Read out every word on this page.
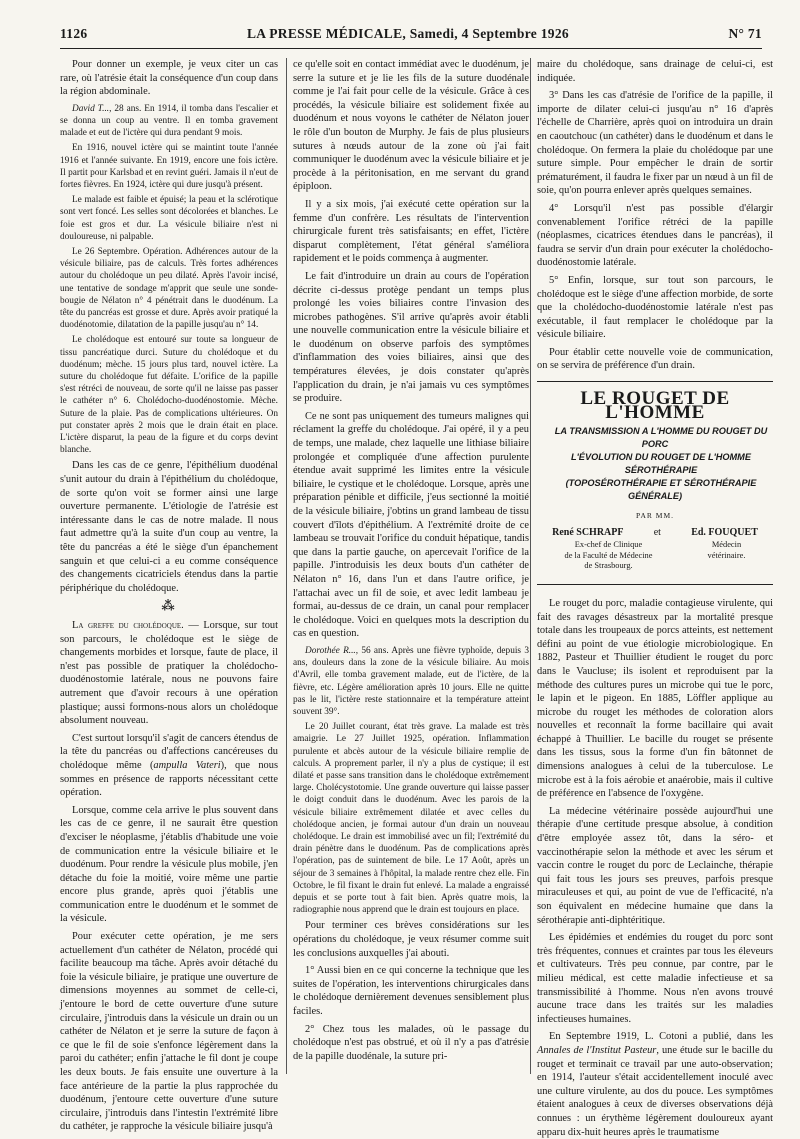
1126	LA PRESSE MÉDICALE, Samedi, 4 Septembre 1926	N° 71

Pour donner un exemple, je veux citer un cas rare, où l'atrésie était la conséquence d'un coup dans la région abdominale.

David T..., 28 ans. En 1914, il tomba dans l'escalier et se donna un coup au ventre. Il en tomba gravement malade et eut de l'ictère qui dura pendant 9 mois.

En 1916, nouvel ictère qui se maintint toute l'année 1916 et l'année suivante. En 1919, encore une fois ictère. Il partit pour Karlsbad et en revint guéri. Jamais il n'eut de fortes fièvres. En 1924, ictère qui dure jusqu'à présent.

Le malade est faible et épuisé; la peau et la sclérotique sont vert foncé. Les selles sont décolorées et blanches. Le foie est gros et dur. La vésicule biliaire n'est ni douloureuse, ni palpable.

Le 26 Septembre. Opération. Adhérences autour de la vésicule biliaire, pas de calculs. Très fortes adhérences autour du cholédoque un peu dilaté. Après l'avoir incisé, une tentative de sondage m'apprit que seule une sonde-bougie de Nélaton n° 4 pénétrait dans le duodénum. La tête du pancréas est grosse et dure. Après avoir pratiqué la duodénotomie, dilatation de la papille jusqu'au n° 14.

Le cholédoque est entouré sur toute sa longueur de tissu pancréatique durci. Suture du cholédoque et du duodénum; mèche. 15 jours plus tard, nouvel ictère. La suture du cholédoque fut défaite. L'orifice de la papille s'est rétréci de nouveau, de sorte qu'il ne laisse pas passer le cathéter n° 6. Cholédocho-duodénostomie. Mèche. Suture de la plaie. Pas de complications ultérieures. On put constater après 2 mois que le drain était en place. L'ictère disparut, la peau de la figure et du corps devint blanche.

Dans les cas de ce genre, l'épithélium duodénal s'unit autour du drain à l'épithélium du cholédoque, de sorte qu'on voit se former ainsi une large ouverture permanente. L'étiologie de l'atrésie est intéressante dans le cas de notre malade. Il nous faut admettre qu'à la suite d'un coup au ventre, la tête du pancréas a été le siège d'un épanchement sanguin et que celui-ci a eu comme conséquence des changements cicatriciels étendus dans la partie périphérique du cholédoque.

⁂

La greffe du cholédoque. — Lorsque, sur tout son parcours, le cholédoque est le siège de changements morbides et lorsque, faute de place, il n'est pas possible de pratiquer la cholédocho-duodénostomie latérale, nous ne pouvons faire autrement que d'avoir recours à une opération plastique; aussi formons-nous alors un cholédoque absolument nouveau.

C'est surtout lorsqu'il s'agit de cancers étendus de la tête du pancréas ou d'affections cancéreuses du cholédoque même (ampulla Vateri), que nous sommes en présence de rapports nécessitant cette opération.

Lorsque, comme cela arrive le plus souvent dans les cas de ce genre, il ne saurait être question d'exciser le néoplasme, j'établis d'habitude une voie de communication entre la vésicule biliaire et le duodénum. Pour rendre la vésicule plus mobile, j'en détache du foie la moitié, voire même une partie encore plus grande, après quoi j'établis une communication entre le duodénum et le sommet de la vésicule.

Pour exécuter cette opération, je me sers actuellement d'un cathéter de Nélaton, procédé qui facilite beaucoup ma tâche. Après avoir détaché du foie la vésicule biliaire, je pratique une ouverture de dimensions moyennes au sommet de celle-ci, j'entoure le bord de cette ouverture d'une suture circulaire, j'introduis dans la vésicule un drain ou un cathéter de Nélaton et je serre la suture de façon à ce que le fil de soie s'enfonce légèrement dans la paroi du cathéter; enfin j'attache le fil dont je coupe les deux bouts. Je fais ensuite une ouverture à la face antérieure de la partie la plus rapprochée du duodénum, j'entoure cette ouverture d'une suture circulaire, j'introduis dans l'intestin l'extrémité libre du cathéter, je rapproche la vésicule biliaire jusqu'à

ce qu'elle soit en contact immédiat avec le duodénum, je serre la suture et je lie les fils de la suture duodénale comme je l'ai fait pour celle de la vésicule. Grâce à ces procédés, la vésicule biliaire est solidement fixée au duodénum et nous voyons le cathéter de Nélaton jouer le rôle d'un bouton de Murphy. Je fais de plus plusieurs sutures à nœuds autour de la zone où j'ai fait communiquer le duodénum avec la vésicule biliaire et je procède à la péritonisation, en me servant du grand épiploon.

Il y a six mois, j'ai exécuté cette opération sur la femme d'un confrère. Les résultats de l'intervention chirurgicale furent très satisfaisants; en effet, l'ictère disparut complètement, l'état général s'améliora rapidement et le poids commença à augmenter.

Le fait d'introduire un drain au cours de l'opération décrite ci-dessus protège pendant un temps plus prolongé les voies biliaires contre l'invasion des microbes pathogènes. S'il arrive qu'après avoir établi une nouvelle communication entre la vésicule biliaire et le duodénum on observe parfois des symptômes d'inflammation des voies biliaires, ainsi que des températures élevées, je dois constater qu'après l'application du drain, je n'ai jamais vu ces symptômes se produire.

Ce ne sont pas uniquement des tumeurs malignes qui réclament la greffe du cholédoque. J'ai opéré, il y a peu de temps, une malade, chez laquelle une lithiase biliaire prolongée et compliquée d'une affection purulente étendue avait supprimé les limites entre la vésicule biliaire, le cystique et le cholédoque. Lorsque, après une préparation pénible et difficile, j'eus sectionné la moitié de la vésicule biliaire, j'obtins un grand lambeau de tissu couvert d'îlots d'épithélium. A l'extrémité droite de ce lambeau se trouvait l'orifice du conduit hépatique, tandis que dans la partie gauche, on apercevait l'orifice de la papille. J'introduisis les deux bouts d'un cathéter de Nélaton n° 16, dans l'un et dans l'autre orifice, je l'attachai avec un fil de soie, et avec ledit lambeau je formai, au-dessus de ce drain, un canal pour remplacer le cholédoque. Voici en quelques mots la description du cas en question.

Dorothée R..., 56 ans. Après une fièvre typhoïde, depuis 3 ans, douleurs dans la zone de la vésicule biliaire. Au mois d'Avril, elle tomba gravement malade, eut de l'ictère, de la fièvre, etc. Légère amélioration après 10 jours. Elle ne quitte pas le lit, l'ictère reste stationnaire et la température atteint souvent 39°.

Le 20 Juillet courant, état très grave. La malade est très amaigrie. Le 27 Juillet 1925, opération. Inflammation purulente et abcès autour de la vésicule biliaire remplie de calculs. A proprement parler, il n'y a plus de cystique; il est dilaté et passe sans transition dans le cholédoque extrêmement large. Cholécystotomie. Une grande ouverture qui laisse passer le doigt conduit dans le duodénum. Avec les parois de la vésicule biliaire extrêmement dilatée et avec celles du cholédoque ancien, je formai autour d'un drain un nouveau cholédoque. Le drain est immobilisé avec un fil; l'extrémité du drain pénètre dans le duodénum. Pas de complications après l'opération, pas de suintement de bile. Le 17 Août, après un séjour de 3 semaines à l'hôpital, la malade rentre chez elle. Fin Octobre, le fil fixant le drain fut enlevé. La malade a engraissé depuis et se porte tout à fait bien. Après quatre mois, la radiographie nous apprend que le drain est toujours en place.

Pour terminer ces brèves considérations sur les opérations du cholédoque, je veux résumer comme suit les conclusions auxquelles j'ai abouti.

1° Aussi bien en ce qui concerne la technique que les suites de l'opération, les interventions chirurgicales dans le cholédoque dernièrement devenues sensiblement plus faciles.

2° Chez tous les malades, où le passage du cholédoque n'est pas obstrué, et où il n'y a pas d'atrésie de la papille duodénale, la suture pri-

maire du cholédoque, sans drainage de celui-ci, est indiquée.

3° Dans les cas d'atrésie de l'orifice de la papille, il importe de dilater celui-ci jusqu'au n° 16 d'après l'échelle de Charrière, après quoi on introduira un drain en caoutchouc (un cathéter) dans le duodénum et dans le cholédoque. On fermera la plaie du cholédoque par une suture simple. Pour empêcher le drain de sortir prématurément, il faudra le fixer par un nœud à un fil de soie, qu'on pourra enlever après quelques semaines.

4° Lorsqu'il n'est pas possible d'élargir convenablement l'orifice rétréci de la papille (néoplasmes, cicatrices étendues dans le pancréas), il faudra se servir d'un drain pour exécuter la cholédocho-duodénostomie latérale.

5° Enfin, lorsque, sur tout son parcours, le cholédoque est le siège d'une affection morbide, de sorte que la cholédocho-duodénostomie latérale n'est pas exécutable, il faut remplacer le cholédoque par la vésicule biliaire.

Pour établir cette nouvelle voie de communication, on se servira de préférence d'un drain.

LE ROUGET DE L'HOMME

LA TRANSMISSION A L'HOMME DU ROUGET DU PORC

L'ÉVOLUTION DU ROUGET DE L'HOMME

SÉROTHÉRAPIE

(TOPOSÉROTHÉRAPIE ET SÉROTHÉRAPIE GÉNÉRALE)

PAR MM.
René SCHRAPF	et	Ed. FOUQUET
Ex-chef de Clinique
de la Faculté de Médecine
de Strasbourg.
Médecin
vétérinaire.

Le rouget du porc, maladie contagieuse virulente, qui fait des ravages désastreux par la mortalité presque totale dans les troupeaux de porcs atteints, est nettement défini au point de vue étiologie microbiologique. En 1882, Pasteur et Thuillier étudient le rouget du porc dans le Vaucluse; ils isolent et reproduisent par la méthode des cultures pures un microbe qui tue le porc, le lapin et le pigeon. En 1885, Löffler applique au microbe du rouget les méthodes de coloration alors nouvelles et reconnaît la forme bacillaire qui avait échappé à Thuillier. Le bacille du rouget se présente dans les tissus, sous la forme d'un fin bâtonnet de dimensions analogues à celui de la tuberculose. Le microbe est à la fois aérobie et anaérobie, mais il cultive de préférence en l'absence de l'oxygène.

La médecine vétérinaire possède aujourd'hui une thérapie d'une certitude presque absolue, à condition d'être employée assez tôt, dans la séro- et vaccinothérapie selon la méthode et avec les sérum et vaccin contre le rouget du porc de Leclainche, thérapie qui fait tous les jours ses preuves, parfois presque miraculeuses et qui, au point de vue de l'efficacité, n'a son équivalent en médecine humaine que dans la sérothérapie anti-diphtéritique.

Les épidémies et endémies du rouget du porc sont très fréquentes, connues et craintes par tous les éleveurs et cultivateurs. Très peu connue, par contre, par le milieu médical, est cette maladie infectieuse et sa transmissibilité à l'homme. Nous n'en avons trouvé aucune trace dans les traités sur les maladies infectieuses humaines.

En Septembre 1919, L. Cotoni a publié, dans les Annales de l'Institut Pasteur, une étude sur le bacille du rouget et terminait ce travail par une auto-observation; en 1914, l'auteur s'était accidentellement inoculé avec une culture virulente, au dos du pouce. Les symptômes étaient analogues à ceux de diverses observations déjà connues : un érythème légèrement douloureux ayant apparu dix-huit heures après le traumatisme
